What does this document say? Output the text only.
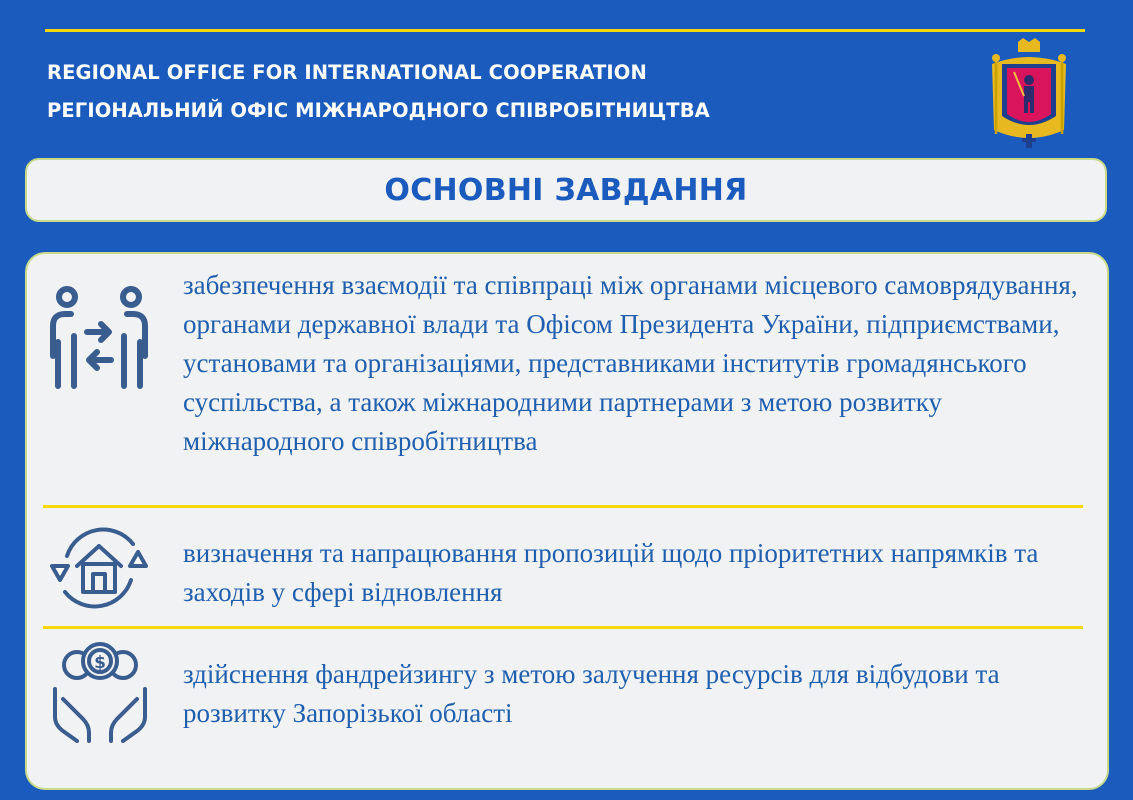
REGIONAL OFFICE FOR INTERNATIONAL COOPERATION
РЕГІОНАЛЬНИЙ ОФІС МІЖНАРОДНОГО СПІВРОБІТНИЦТВА
ОСНОВНІ ЗАВДАННЯ

забезпечення взаємодії та співпраці між органами місцевого самоврядування, органами державної влади та Офісом Президента України, підприємствами, установами та організаціями, представниками інститутів громадянського суспільства, а також міжнародними партнерами з метою розвитку міжнародного співробітництва

визначення та напрацювання пропозицій щодо пріоритетних напрямків та заходів у сфері відновлення

$	здійснення фандрейзингу з метою залучення ресурсів для відбудови та розвитку Запорізької області
